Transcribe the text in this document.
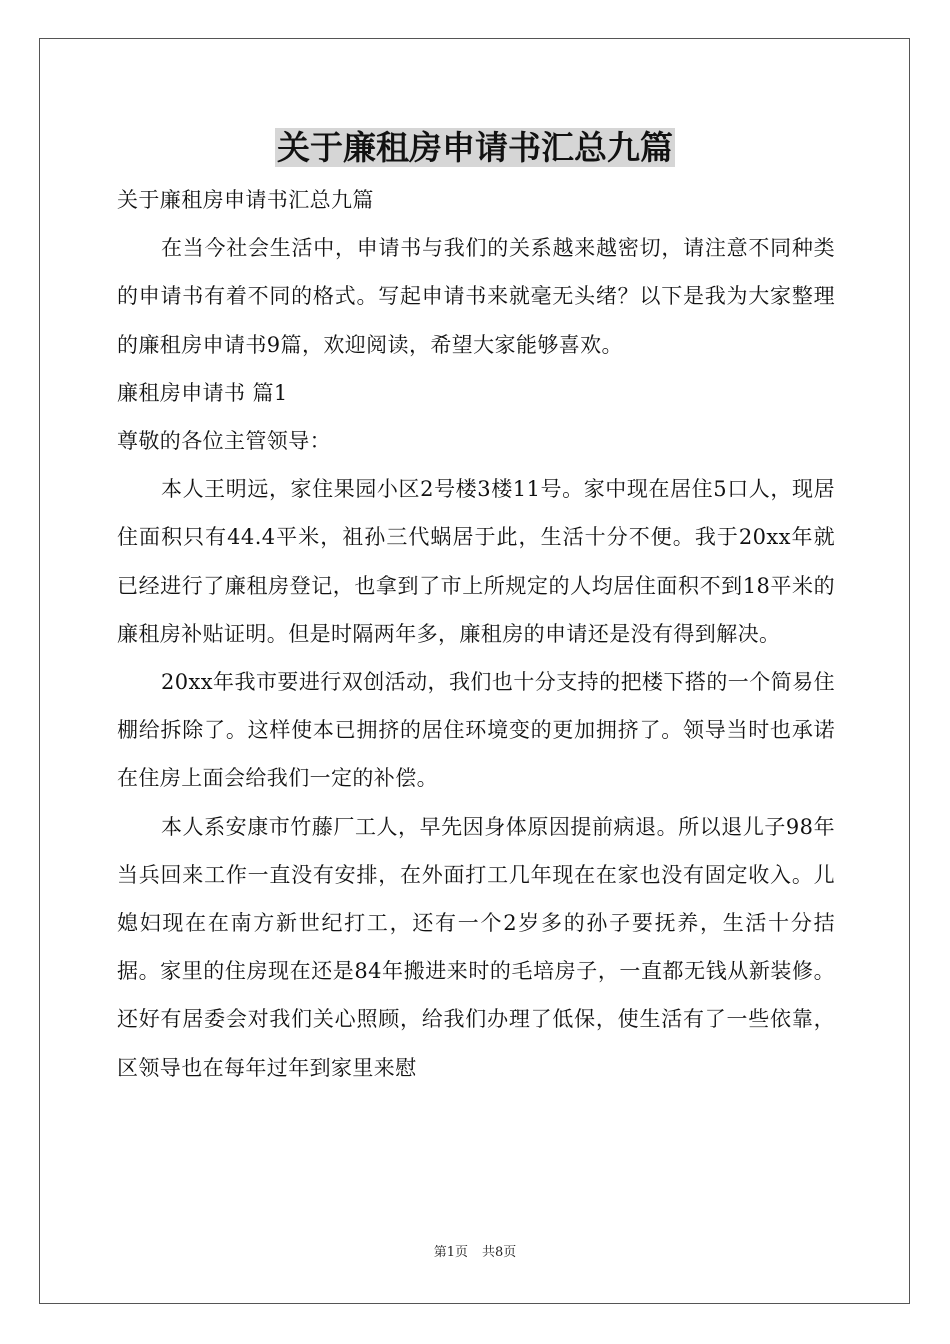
关于廉租房申请书汇总九篇

关于廉租房申请书汇总九篇

在当今社会生活中，申请书与我们的关系越来越密切，请注意不同种类的申请书有着不同的格式。写起申请书来就毫无头绪？以下是我为大家整理的廉租房申请书9篇，欢迎阅读，希望大家能够喜欢。

廉租房申请书 篇1

尊敬的各位主管领导：

本人王明远，家住果园小区2号楼3楼11号。家中现在居住5口人，现居住面积只有44.4平米，祖孙三代蜗居于此，生活十分不便。我于20xx年就已经进行了廉租房登记，也拿到了市上所规定的人均居住面积不到18平米的廉租房补贴证明。但是时隔两年多，廉租房的申请还是没有得到解决。

20xx年我市要进行双创活动，我们也十分支持的把楼下搭的一个简易住棚给拆除了。这样使本已拥挤的居住环境变的更加拥挤了。领导当时也承诺在住房上面会给我们一定的补偿。

本人系安康市竹藤厂工人，早先因身体原因提前病退。所以退儿子98年当兵回来工作一直没有安排，在外面打工几年现在在家也没有固定收入。儿媳妇现在在南方新世纪打工，还有一个2岁多的孙子要抚养，生活十分拮据。家里的住房现在还是84年搬进来时的毛培房子，一直都无钱从新装修。还好有居委会对我们关心照顾，给我们办理了低保，使生活有了一些依靠，区领导也在每年过年到家里来慰

第1页 共8页
